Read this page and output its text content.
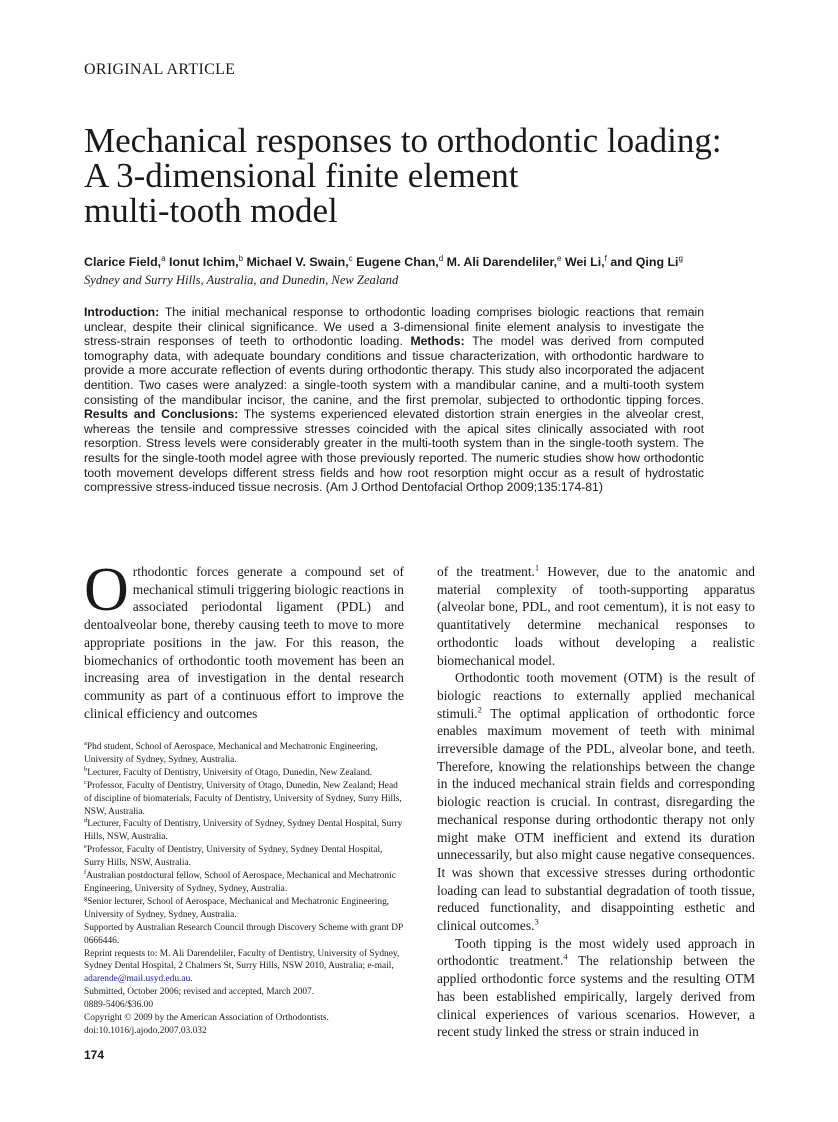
ORIGINAL ARTICLE
Mechanical responses to orthodontic loading:
A 3-dimensional finite element
multi-tooth model
Clarice Field,$^a$ Ionut Ichim,$^b$ Michael V. Swain,$^c$ Eugene Chan,$^d$ M. Ali Darendeliler,$^e$ Wei Li,$^f$ and Qing Li$^g$
Sydney and Surry Hills, Australia, and Dunedin, New Zealand

Introduction: The initial mechanical response to orthodontic loading comprises biologic reactions that remain unclear, despite their clinical significance. We used a 3-dimensional finite element analysis to investigate the stress-strain responses of teeth to orthodontic loading. Methods: The model was derived from computed tomography data, with adequate boundary conditions and tissue characterization, with orthodontic hardware to provide a more accurate reflection of events during orthodontic therapy. This study also incorporated the adjacent dentition. Two cases were analyzed: a single-tooth system with a mandibular canine, and a multi-tooth system consisting of the mandibular incisor, the canine, and the first premolar, subjected to orthodontic tipping forces. Results and Conclusions: The systems experienced elevated distortion strain energies in the alveolar crest, whereas the tensile and compressive stresses coincided with the apical sites clinically associated with root resorption. Stress levels were considerably greater in the multi-tooth system than in the single-tooth system. The results for the single-tooth model agree with those previously reported. The numeric studies show how orthodontic tooth movement develops different stress fields and how root resorption might occur as a result of hydrostatic compressive stress-induced tissue necrosis. (Am J Orthod Dentofacial Orthop 2009;135:174-81)

Orthodontic forces generate a compound set of mechanical stimuli triggering biologic reactions in associated periodontal ligament (PDL) and dentoalveolar bone, thereby causing teeth to move to more appropriate positions in the jaw. For this reason, the biomechanics of orthodontic tooth movement has been an increasing area of investigation in the dental research community as part of a continuous effort to improve the clinical efficiency and outcomes

$^a$Phd student, School of Aerospace, Mechanical and Mechatronic Engineering, University of Sydney, Sydney, Australia.
$^b$Lecturer, Faculty of Dentistry, University of Otago, Dunedin, New Zealand.
$^c$Professor, Faculty of Dentistry, University of Otago, Dunedin, New Zealand; Head of discipline of biomaterials, Faculty of Dentistry, University of Sydney, Surry Hills, NSW, Australia.
$^d$Lecturer, Faculty of Dentistry, University of Sydney, Sydney Dental Hospital, Surry Hills, NSW, Australia.
$^e$Professor, Faculty of Dentistry, University of Sydney, Sydney Dental Hospital, Surry Hills, NSW, Australia.
$^f$Australian postdoctural fellow, School of Aerospace, Mechanical and Mechatronic Engineering, University of Sydney, Sydney, Australia.
$^g$Senior lecturer, School of Aerospace, Mechanical and Mechatronic Engineering, University of Sydney, Sydney, Australia.
Supported by Australian Research Council through Discovery Scheme with grant DP 0666446.
Reprint requests to: M. Ali Darendeliler, Faculty of Dentistry, University of Sydney, Sydney Dental Hospital, 2 Chalmers St, Surry Hills, NSW 2010, Australia; e-mail, adarende@mail.usyd.edu.au.
Submitted, October 2006; revised and accepted, March 2007.
0889-5406/$36.00
Copyright © 2009 by the American Association of Orthodontists.
doi:10.1016/j.ajodo.2007.03.032

of the treatment.$^1$ However, due to the anatomic and material complexity of tooth-supporting apparatus (alveolar bone, PDL, and root cementum), it is not easy to quantitatively determine mechanical responses to orthodontic loads without developing a realistic biomechanical model.

Orthodontic tooth movement (OTM) is the result of biologic reactions to externally applied mechanical stimuli.$^2$ The optimal application of orthodontic force enables maximum movement of teeth with minimal irreversible damage of the PDL, alveolar bone, and teeth. Therefore, knowing the relationships between the change in the induced mechanical strain fields and corresponding biologic reaction is crucial. In contrast, disregarding the mechanical response during orthodontic therapy not only might make OTM inefficient and extend its duration unnecessarily, but also might cause negative consequences. It was shown that excessive stresses during orthodontic loading can lead to substantial degradation of tooth tissue, reduced functionality, and disappointing esthetic and clinical outcomes.$^3$

Tooth tipping is the most widely used approach in orthodontic treatment.$^4$ The relationship between the applied orthodontic force systems and the resulting OTM has been established empirically, largely derived from clinical experiences of various scenarios. However, a recent study linked the stress or strain induced in

174
